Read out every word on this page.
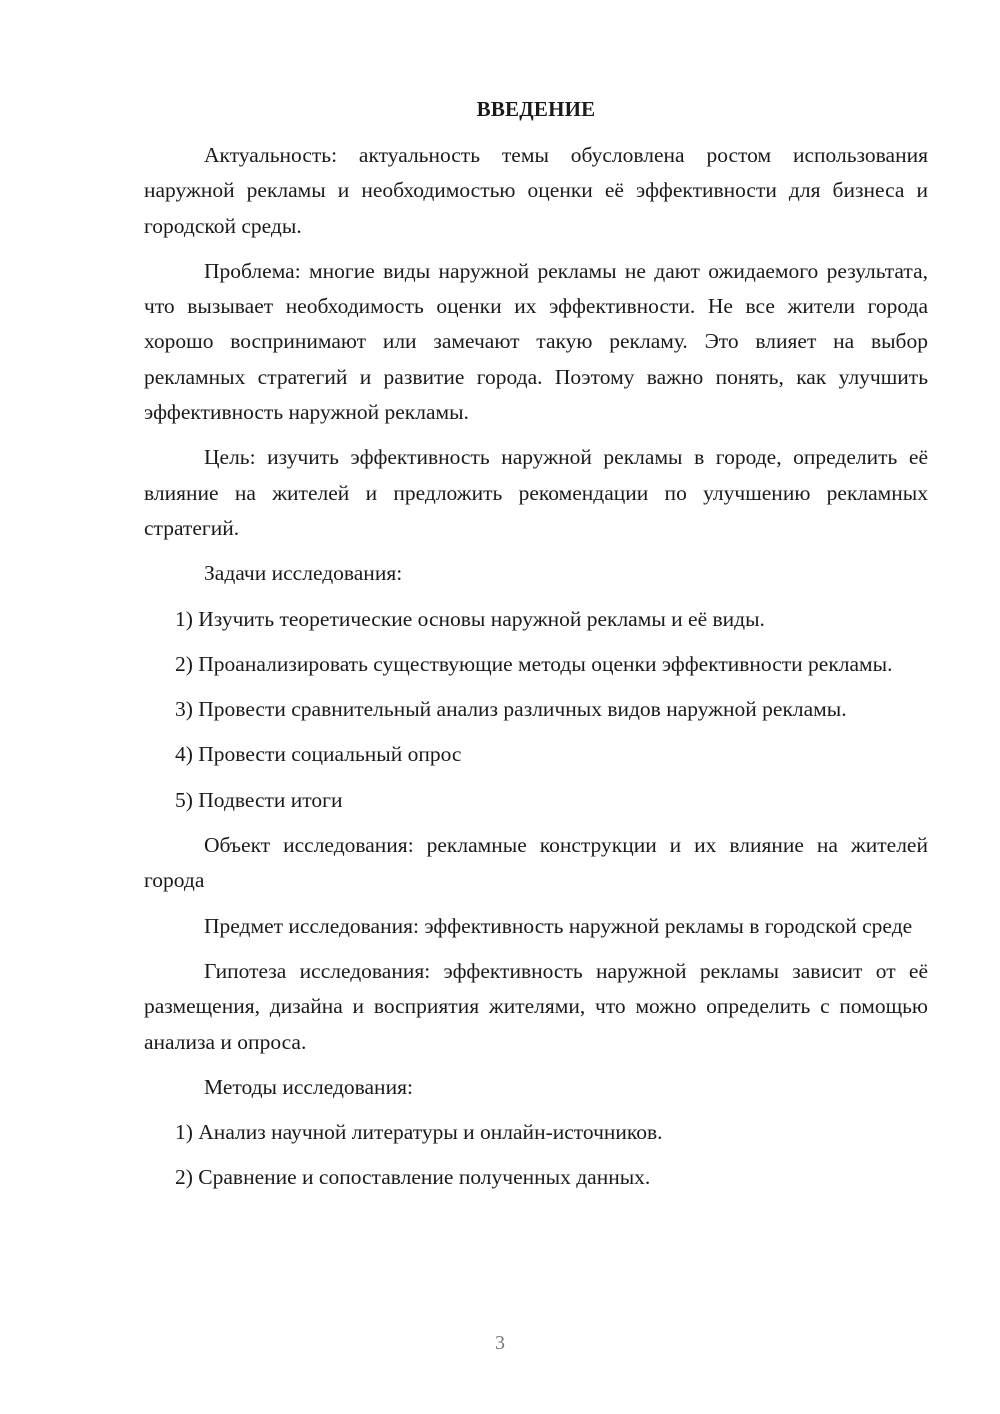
ВВЕДЕНИЕ

Актуальность: актуальность темы обусловлена ростом использования наружной рекламы и необходимостью оценки её эффективности для бизнеса и городской среды.

Проблема: многие виды наружной рекламы не дают ожидаемого результата, что вызывает необходимость оценки их эффективности. Не все жители города хорошо воспринимают или замечают такую рекламу. Это влияет на выбор рекламных стратегий и развитие города. Поэтому важно понять, как улучшить эффективность наружной рекламы.

Цель: изучить эффективность наружной рекламы в городе, определить её влияние на жителей и предложить рекомендации по улучшению рекламных стратегий.

Задачи исследования:

1) Изучить теоретические основы наружной рекламы и её виды.

2) Проанализировать существующие методы оценки эффективности рекламы.

3) Провести сравнительный анализ различных видов наружной рекламы.

4) Провести социальный опрос

5) Подвести итоги

Объект исследования: рекламные конструкции и их влияние на жителей города

Предмет исследования: эффективность наружной рекламы в городской среде

Гипотеза исследования: эффективность наружной рекламы зависит от её размещения, дизайна и восприятия жителями, что можно определить с помощью анализа и опроса.

Методы исследования:

1) Анализ научной литературы и онлайн-источников.

2) Сравнение и сопоставление полученных данных.

3
